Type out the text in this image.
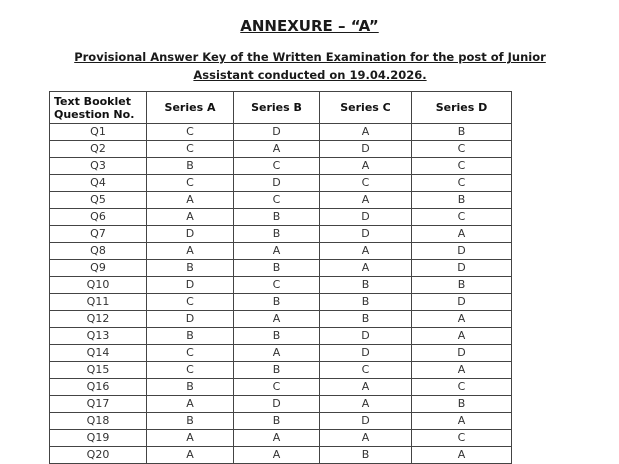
ANNEXURE – “A”
Provisional Answer Key of the Written Examination for the post of Junior
Assistant conducted on 19.04.2026.
Text Booklet Question No.	Series A	Series B	Series C	Series D
Q1	C	D	A	B
Q2	C	A	D	C
Q3	B	C	A	C
Q4	C	D	C	C
Q5	A	C	A	B
Q6	A	B	D	C
Q7	D	B	D	A
Q8	A	A	A	D
Q9	B	B	A	D
Q10	D	C	B	B
Q11	C	B	B	D
Q12	D	A	B	A
Q13	B	B	D	A
Q14	C	A	D	D
Q15	C	B	C	A
Q16	B	C	A	C
Q17	A	D	A	B
Q18	B	B	D	A
Q19	A	A	A	C
Q20	A	A	B	A
